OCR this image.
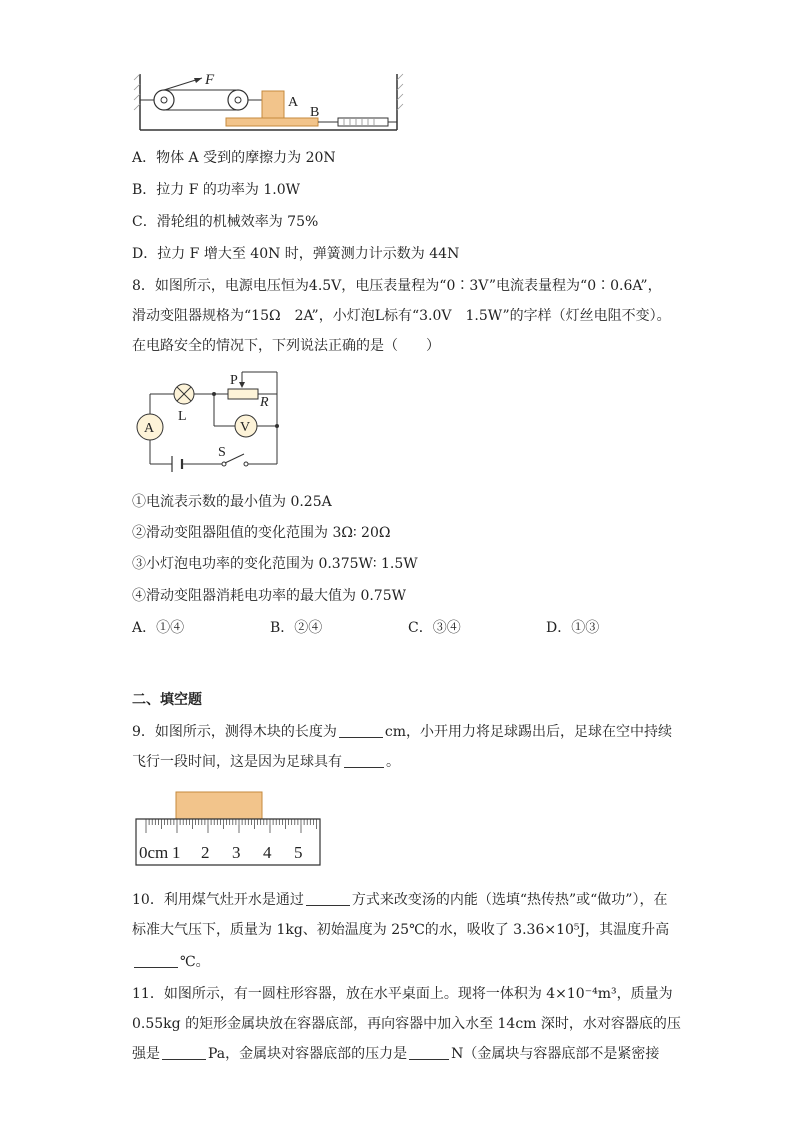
F
A
B
A．物体 A 受到的摩擦力为 20N
B．拉力 F 的功率为 1.0W
C．滑轮组的机械效率为 75%
D．拉力 F 增大至 40N 时，弹簧测力计示数为 44N
8．如图所示，电源电压恒为4.5V，电压表量程为“0∶3V”电流表量程为“0∶0.6A”，
滑动变阻器规格为“15Ω　2A”，小灯泡L标有“3.0V　1.5W”的字样（灯丝电阻不变）。
在电路安全的情况下，下列说法正确的是（　　）
A
L
P
R
V
S
①电流表示数的最小值为 0.25A
②滑动变阻器阻值的变化范围为 3Ω∶ 20Ω
③小灯泡电功率的变化范围为 0.375W∶ 1.5W
④滑动变阻器消耗电功率的最大值为 0.75W
A．①④	B．②④	C．③④	D．①③
二、填空题
9．如图所示，测得木块的长度为	cm，小开用力将足球踢出后，足球在空中持续
飞行一段时间，这是因为足球具有	。
0cm 1 2 3 4 5
10．利用煤气灶开水是通过	方式来改变汤的内能（选填“热传热”或“做功”），在
标准大气压下，质量为 1kg、初始温度为 25℃的水，吸收了 3.36×10⁵J，其温度升高
℃。
11．如图所示，有一圆柱形容器，放在水平桌面上。现将一体积为 4×10⁻⁴m³，质量为
0.55kg 的矩形金属块放在容器底部，再向容器中加入水至 14cm 深时，水对容器底的压
强是	Pa，金属块对容器底部的压力是	N（金属块与容器底部不是紧密接
